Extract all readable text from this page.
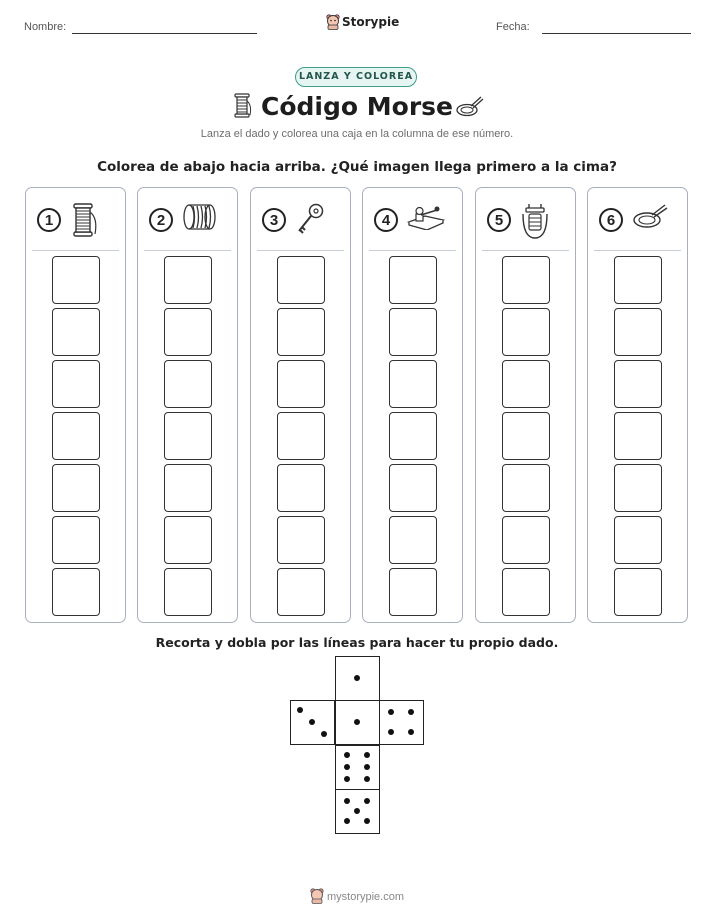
Nombre:	Storypie	Fecha:
LANZA Y COLOREA
Código Morse
Lanza el dado y colorea una caja en la columna de ese número.
Colorea de abajo hacia arriba. ¿Qué imagen llega primero a la cima?
1	2	3	4	5	6
Recorta y dobla por las líneas para hacer tu propio dado.
mystorypie.com
